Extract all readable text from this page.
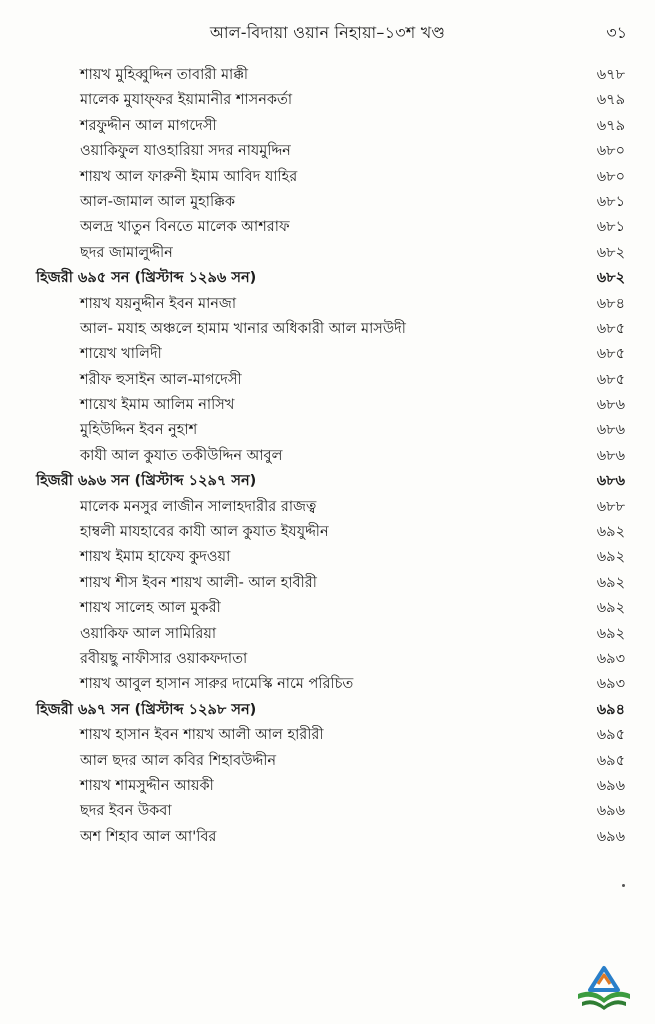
আল-বিদায়া ওয়ান নিহায়া–১৩শ খণ্ড	৩১
শায়খ মুহিব্বুদ্দিন তাবারী মাক্কী	৬৭৮
মালেক মুযাফ্ফর ইয়ামানীর শাসনকর্তা	৬৭৯
শরফুদ্দীন আল মাগদেসী	৬৭৯
ওয়াকিফুল যাওহারিয়া সদর নাযমুদ্দিন	৬৮০
শায়খ আল ফারুনী ইমাম আবিদ যাহির	৬৮০
আল-জামাল আল মুহাক্কিক	৬৮১
অলদ্র খাতুন বিনতে মালেক আশরাফ	৬৮১
ছদর জামালুদ্দীন	৬৮২
হিজরী ৬৯৫ সন (খ্রিস্টাব্দ ১২৯৬ সন)	৬৮২
শায়খ যয়নুদ্দীন ইবন মানজা	৬৮৪
আল- মযাহ অঞ্চলে হামাম খানার অধিকারী আল মাসউদী	৬৮৫
শায়েখ খালিদী	৬৮৫
শরীফ হুসাইন আল-মাগদেসী	৬৮৫
শায়েখ ইমাম আলিম নাসিখ	৬৮৬
মুহিউদ্দিন ইবন নুহাশ	৬৮৬
কাযী আল কুযাত তকীউদ্দিন আবুল	৬৮৬
হিজরী ৬৯৬ সন (খ্রিস্টাব্দ ১২৯৭ সন)	৬৮৬
মালেক মনসুর লাজীন সালাহদারীর রাজত্ব	৬৮৮
হাম্বলী মাযহাবের কাযী আল কুযাত ইযযুদ্দীন	৬৯২
শায়খ ইমাম হাফেয কুদওয়া	৬৯২
শায়খ শীস ইবন শায়খ আলী- আল হাবীরী	৬৯২
শায়খ সালেহ আল মুকরী	৬৯২
ওয়াকিফ আল সামিরিয়া	৬৯২
রবীয়ছু নাফীসার ওয়াকফদাতা	৬৯৩
শায়খ আবুল হাসান সারুর দামেস্কি নামে পরিচিত	৬৯৩
হিজরী ৬৯৭ সন (খ্রিস্টাব্দ ১২৯৮ সন)	৬৯৪
শায়খ হাসান ইবন শায়খ আলী আল হারীরী	৬৯৫
আল ছদর আল কবির শিহাবউদ্দীন	৬৯৫
শায়খ শামসুদ্দীন আয়কী	৬৯৬
ছদর ইবন উকবা	৬৯৬
অশ শিহাব আল আ'বির	৬৯৬
